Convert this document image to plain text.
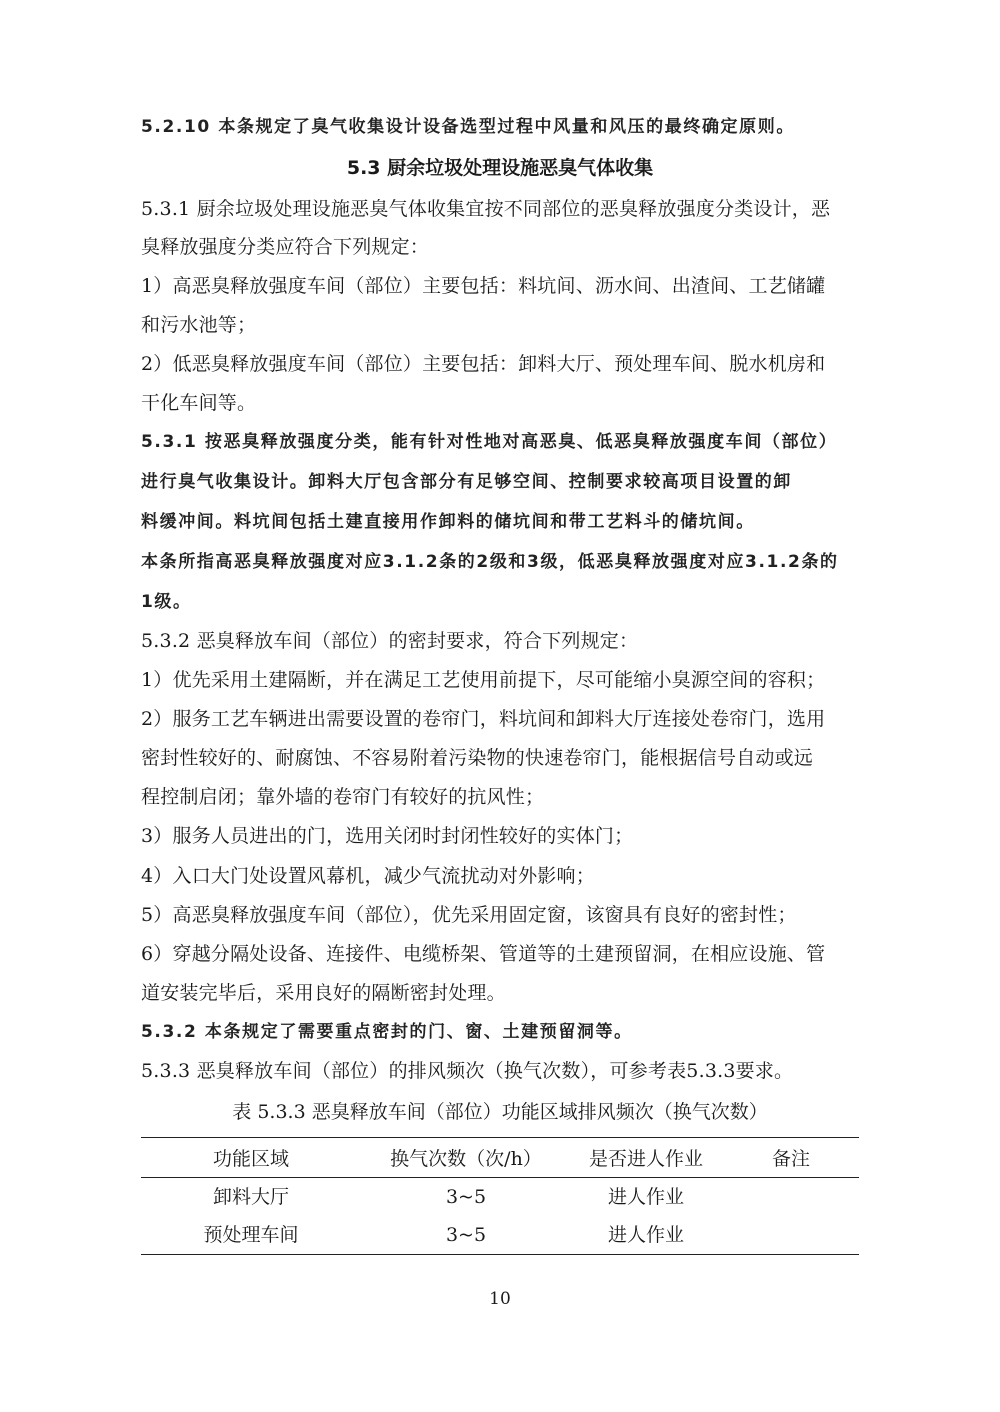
5.2.10 本条规定了臭气收集设计设备选型过程中风量和风压的最终确定原则。
5.3 厨余垃圾处理设施恶臭气体收集
5.3.1 厨余垃圾处理设施恶臭气体收集宜按不同部位的恶臭释放强度分类设计，恶
臭释放强度分类应符合下列规定：
1）高恶臭释放强度车间（部位）主要包括：料坑间、沥水间、出渣间、工艺储罐
和污水池等；
2）低恶臭释放强度车间（部位）主要包括：卸料大厅、预处理车间、脱水机房和
干化车间等。
5.3.1 按恶臭释放强度分类，能有针对性地对高恶臭、低恶臭释放强度车间（部位）
进行臭气收集设计。卸料大厅包含部分有足够空间、控制要求较高项目设置的卸
料缓冲间。料坑间包括土建直接用作卸料的储坑间和带工艺料斗的储坑间。
本条所指高恶臭释放强度对应3.1.2条的2级和3级，低恶臭释放强度对应3.1.2条的
1级。
5.3.2 恶臭释放车间（部位）的密封要求，符合下列规定：
1）优先采用土建隔断，并在满足工艺使用前提下，尽可能缩小臭源空间的容积；
2）服务工艺车辆进出需要设置的卷帘门，料坑间和卸料大厅连接处卷帘门，选用
密封性较好的、耐腐蚀、不容易附着污染物的快速卷帘门，能根据信号自动或远
程控制启闭；靠外墙的卷帘门有较好的抗风性；
3）服务人员进出的门，选用关闭时封闭性较好的实体门；
4）入口大门处设置风幕机，减少气流扰动对外影响；
5）高恶臭释放强度车间（部位），优先采用固定窗，该窗具有良好的密封性；
6）穿越分隔处设备、连接件、电缆桥架、管道等的土建预留洞，在相应设施、管
道安装完毕后，采用良好的隔断密封处理。
5.3.2 本条规定了需要重点密封的门、窗、土建预留洞等。
5.3.3 恶臭释放车间（部位）的排风频次（换气次数），可参考表5.3.3要求。
表 5.3.3 恶臭释放车间（部位）功能区域排风频次（换气次数）
功能区域	换气次数（次/h）	是否进人作业	备注
卸料大厅	3~5	进人作业
预处理车间	3~5	进人作业
10
